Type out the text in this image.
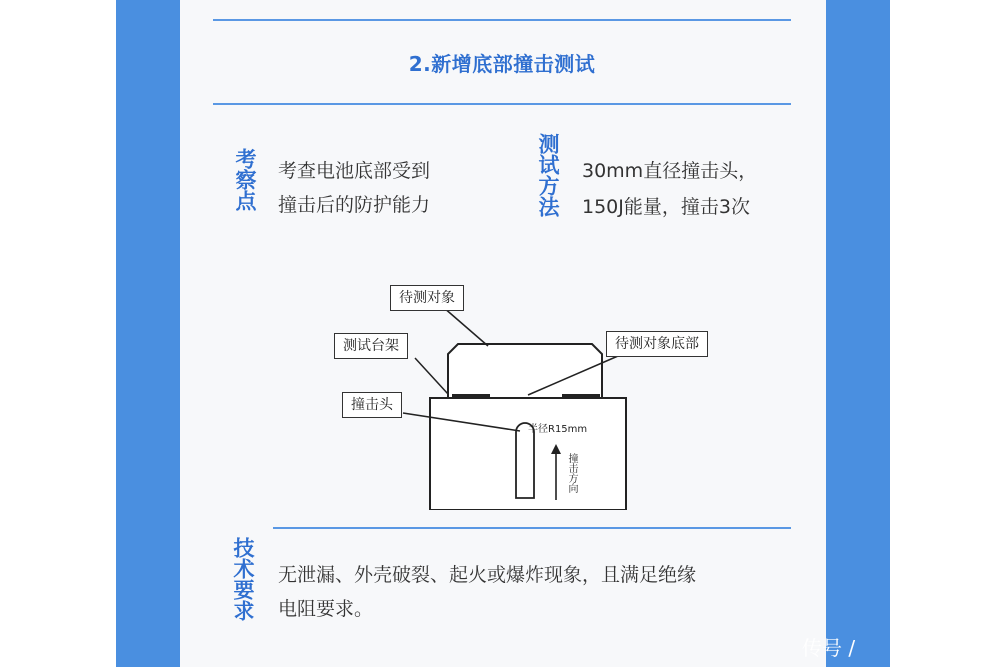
2.新增底部撞击测试
考察点 考查电池底部受到
撞击后的防护能力	测试方法 30mm直径撞击头，
150J能量，撞击3次
待测对象
测试台架	待测对象底部
撞击头
半径R15mm
撞击方向
技术要求 无泄漏、外壳破裂、起火或爆炸现象，且满足绝缘
电阻要求。
传号 /
